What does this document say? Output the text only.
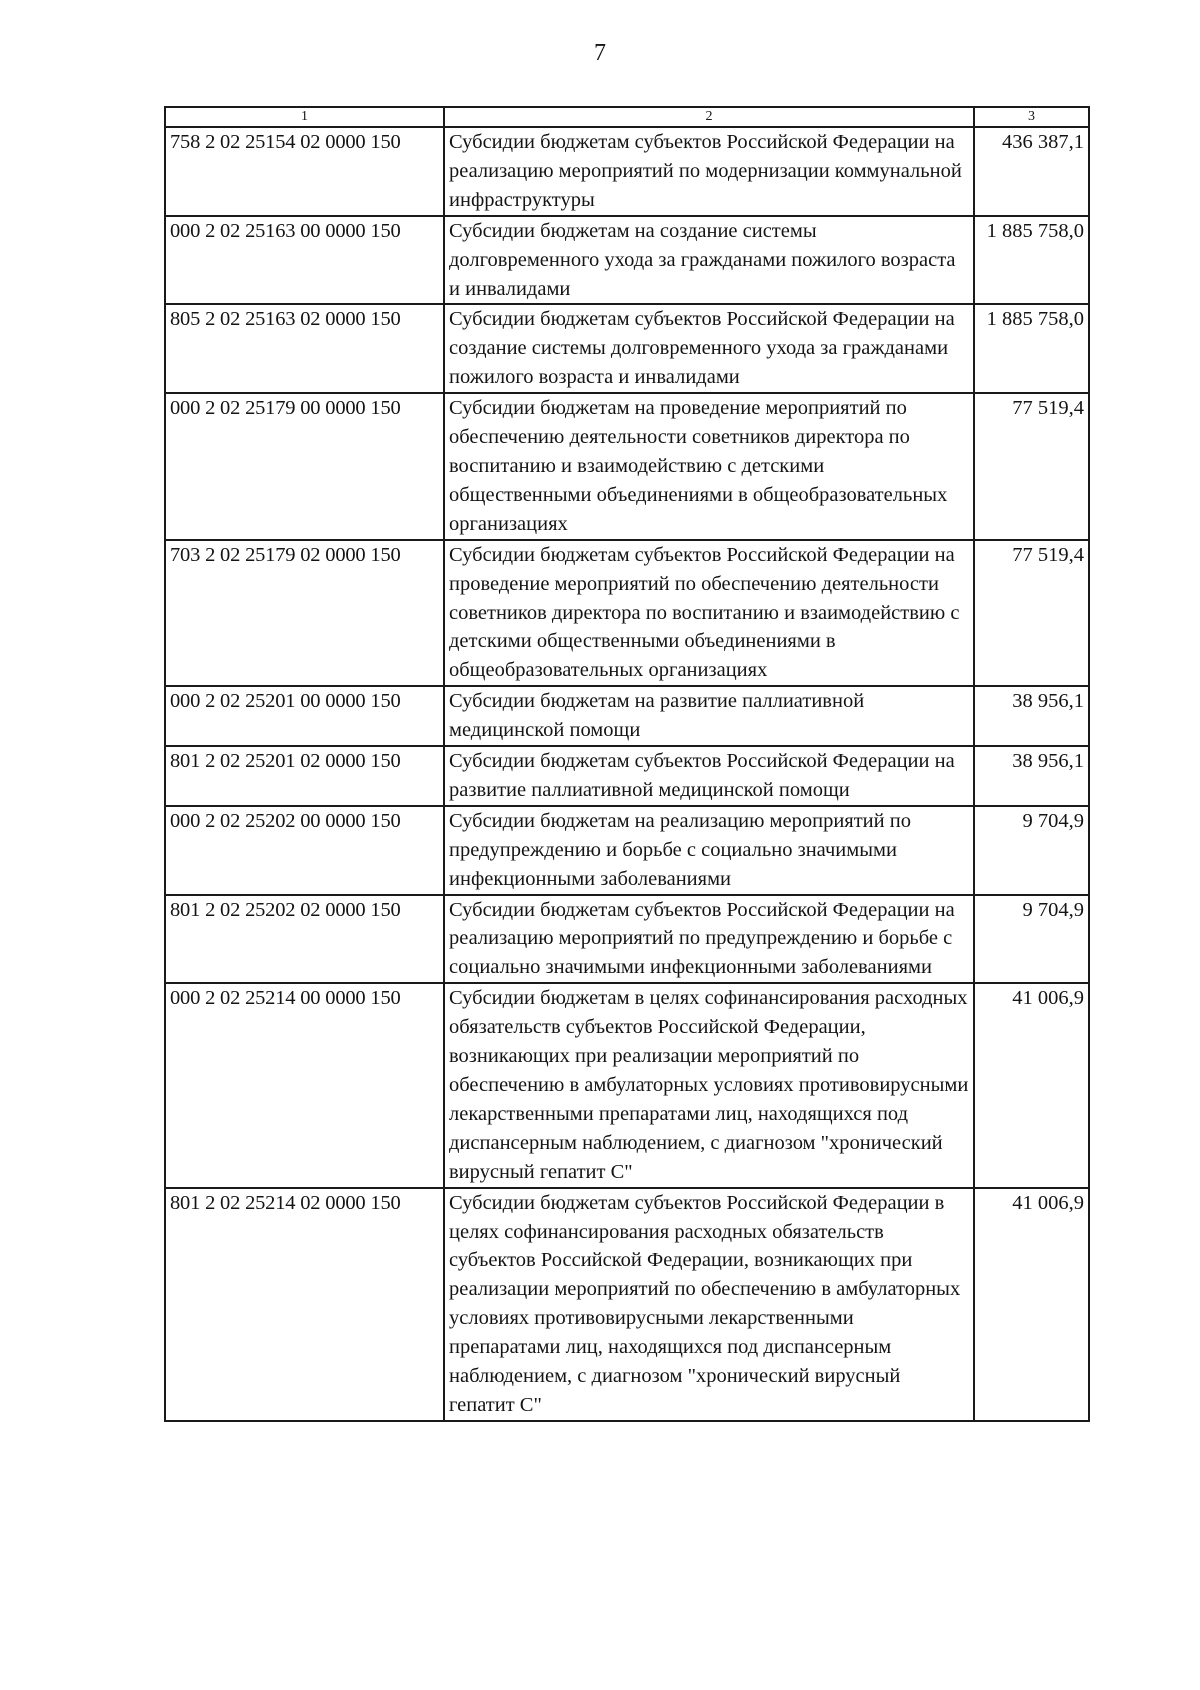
7
1	2	3
758 2 02 25154 02 0000 150	Субсидии бюджетам субъектов Российской Федерации на реализацию мероприятий по модернизации коммунальной инфраструктуры	436 387,1
000 2 02 25163 00 0000 150	Субсидии бюджетам на создание системы долговременного ухода за гражданами пожилого возраста и инвалидами	1 885 758,0
805 2 02 25163 02 0000 150	Субсидии бюджетам субъектов Российской Федерации на создание системы долговременного ухода за гражданами пожилого возраста и инвалидами	1 885 758,0
000 2 02 25179 00 0000 150	Субсидии бюджетам на проведение мероприятий по обеспечению деятельности советников директора по воспитанию и взаимодействию с детскими общественными объединениями в общеобразовательных организациях	77 519,4
703 2 02 25179 02 0000 150	Субсидии бюджетам субъектов Российской Федерации на проведение мероприятий по обеспечению деятельности советников директора по воспитанию и взаимодействию с детскими общественными объединениями в общеобразовательных организациях	77 519,4
000 2 02 25201 00 0000 150	Субсидии бюджетам на развитие паллиативной медицинской помощи	38 956,1
801 2 02 25201 02 0000 150	Субсидии бюджетам субъектов Российской Федерации на развитие паллиативной медицинской помощи	38 956,1
000 2 02 25202 00 0000 150	Субсидии бюджетам на реализацию мероприятий по предупреждению и борьбе с социально значимыми инфекционными заболеваниями	9 704,9
801 2 02 25202 02 0000 150	Субсидии бюджетам субъектов Российской Федерации на реализацию мероприятий по предупреждению и борьбе с социально значимыми инфекционными заболеваниями	9 704,9
000 2 02 25214 00 0000 150	Субсидии бюджетам в целях софинансирования расходных обязательств субъектов Российской Федерации, возникающих при реализации мероприятий по обеспечению в амбулаторных условиях противовирусными лекарственными препаратами лиц, находящихся под диспансерным наблюдением, с диагнозом "хронический вирусный гепатит С"	41 006,9
801 2 02 25214 02 0000 150	Субсидии бюджетам субъектов Российской Федерации в целях софинансирования расходных обязательств субъектов Российской Федерации, возникающих при реализации мероприятий по обеспечению в амбулаторных условиях противовирусными лекарственными препаратами лиц, находящихся под диспансерным наблюдением, с диагнозом "хронический вирусный гепатит С"	41 006,9
